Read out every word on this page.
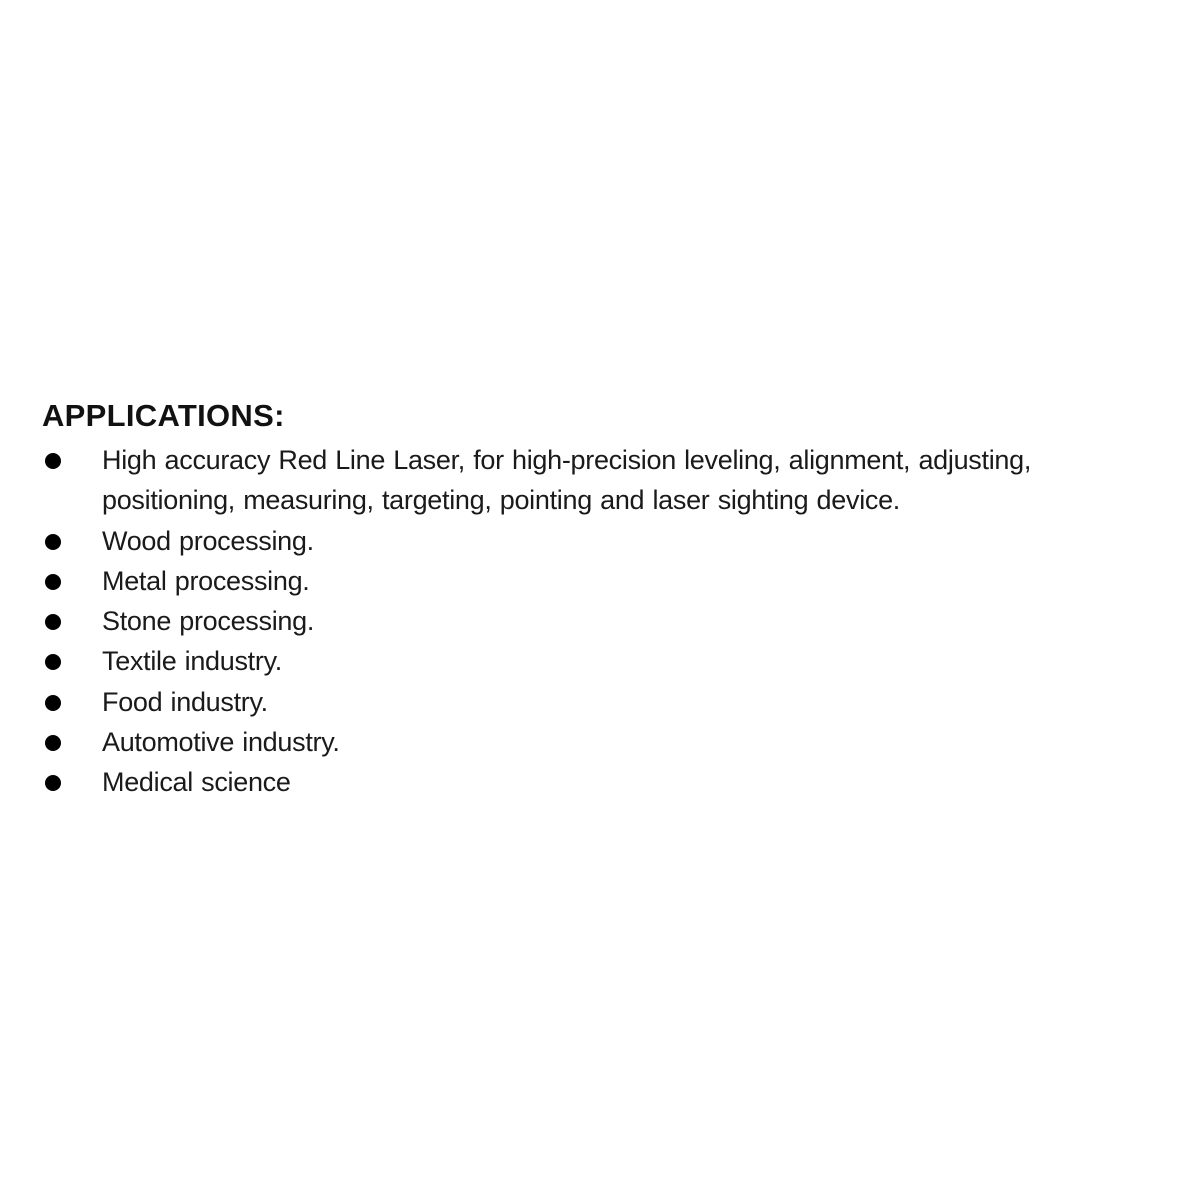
APPLICATIONS:
High accuracy Red Line Laser, for high-precision leveling, alignment, adjusting, positioning, measuring, targeting, pointing and laser sighting device.
Wood processing.
Metal processing.
Stone processing.
Textile industry.
Food industry.
Automotive industry.
Medical science
